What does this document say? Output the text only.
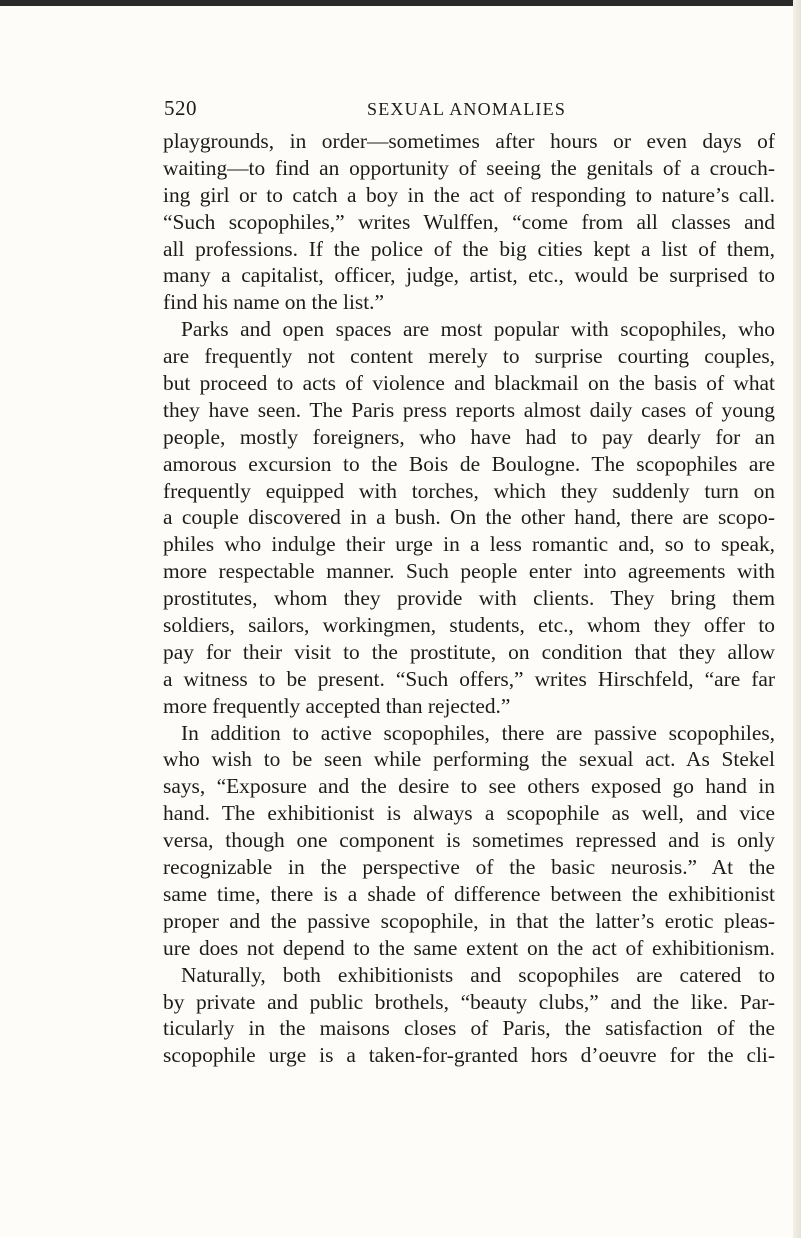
520	SEXUAL ANOMALIES
playgrounds, in order—sometimes after hours or even days of
waiting—to find an opportunity of seeing the genitals of a crouch-
ing girl or to catch a boy in the act of responding to nature’s call.
“Such scopophiles,” writes Wulffen, “come from all classes and
all professions. If the police of the big cities kept a list of them,
many a capitalist, officer, judge, artist, etc., would be surprised to
find his name on the list.”
Parks and open spaces are most popular with scopophiles, who
are frequently not content merely to surprise courting couples,
but proceed to acts of violence and blackmail on the basis of what
they have seen. The Paris press reports almost daily cases of young
people, mostly foreigners, who have had to pay dearly for an
amorous excursion to the Bois de Boulogne. The scopophiles are
frequently equipped with torches, which they suddenly turn on
a couple discovered in a bush. On the other hand, there are scopo-
philes who indulge their urge in a less romantic and, so to speak,
more respectable manner. Such people enter into agreements with
prostitutes, whom they provide with clients. They bring them
soldiers, sailors, workingmen, students, etc., whom they offer to
pay for their visit to the prostitute, on condition that they allow
a witness to be present. “Such offers,” writes Hirschfeld, “are far
more frequently accepted than rejected.”
In addition to active scopophiles, there are passive scopophiles,
who wish to be seen while performing the sexual act. As Stekel
says, “Exposure and the desire to see others exposed go hand in
hand. The exhibitionist is always a scopophile as well, and vice
versa, though one component is sometimes repressed and is only
recognizable in the perspective of the basic neurosis.” At the
same time, there is a shade of difference between the exhibitionist
proper and the passive scopophile, in that the latter’s erotic pleas-
ure does not depend to the same extent on the act of exhibitionism.
Naturally, both exhibitionists and scopophiles are catered to
by private and public brothels, “beauty clubs,” and the like. Par-
ticularly in the maisons closes of Paris, the satisfaction of the
scopophile urge is a taken-for-granted hors d’oeuvre for the cli-
